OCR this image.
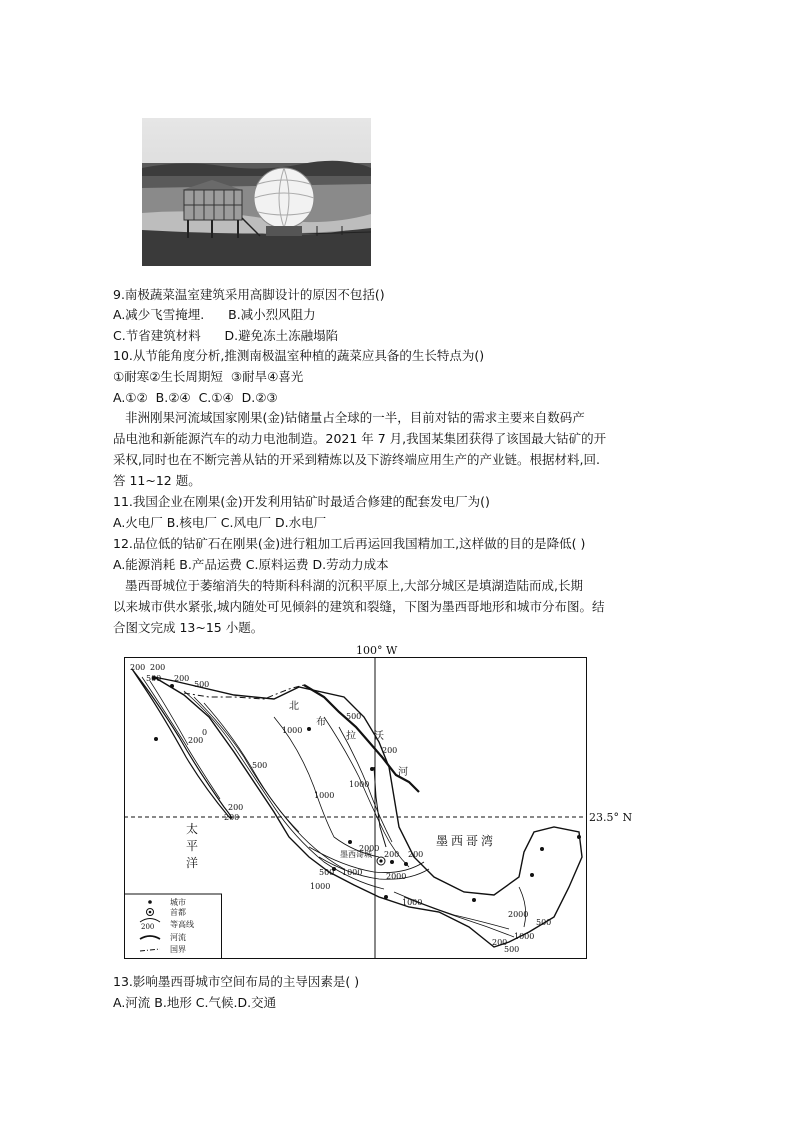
9.南极蔬菜温室建筑采用高脚设计的原因不包括()
A.减少飞雪掩埋.      B.减小烈风阻力
C.节省建筑材料      D.避免冻土冻融塌陷
10.从节能角度分析,推测南极温室种植的蔬菜应具备的生长特点为()
①耐寒②生长周期短  ③耐旱④喜光
A.①②  B.②④  C.①④  D.②③
非洲刚果河流域国家刚果(金)钴储量占全球的一半，目前对钴的需求主要来自数码产
品电池和新能源汽车的动力电池制造。2021 年 7 月,我国某集团获得了该国最大钴矿的开
采权,同时也在不断完善从钴的开采到精炼以及下游终端应用生产的产业链。根据材料,回.
答 11~12 题。
11.我国企业在刚果(金)开发利用钴矿时最适合修建的配套发电厂为()
A.火电厂 B.核电厂 C.风电厂 D.水电厂
12.品位低的钴矿石在刚果(金)进行粗加工后再运回我国精加工,这样做的目的是降低( )
A.能源消耗 B.产品运费 C.原料运费 D.劳动力成本
墨西哥城位于萎缩消失的特斯科科湖的沉积平原上,大部分城区是填湖造陆而成,长期
以来城市供水紧张,城内随处可见倾斜的建筑和裂缝，下图为墨西哥地形和城市分布图。结
合图文完成 13~15 小题。
100° W
200 200
500 200
500
1000
0
200
500
200
1000
1000
500
200
200
2000
200
500
1000
1000	2000
200
500
2000
1000
200
1000
500
北
布
拉 沃
河
墨西哥城
墨西哥湾
太
平
洋
城市
首都
200 等高线
河流
国界
23.5° N
13.影响墨西哥城市空间布局的主导因素是( )
A.河流 B.地形 C.气候.D.交通
